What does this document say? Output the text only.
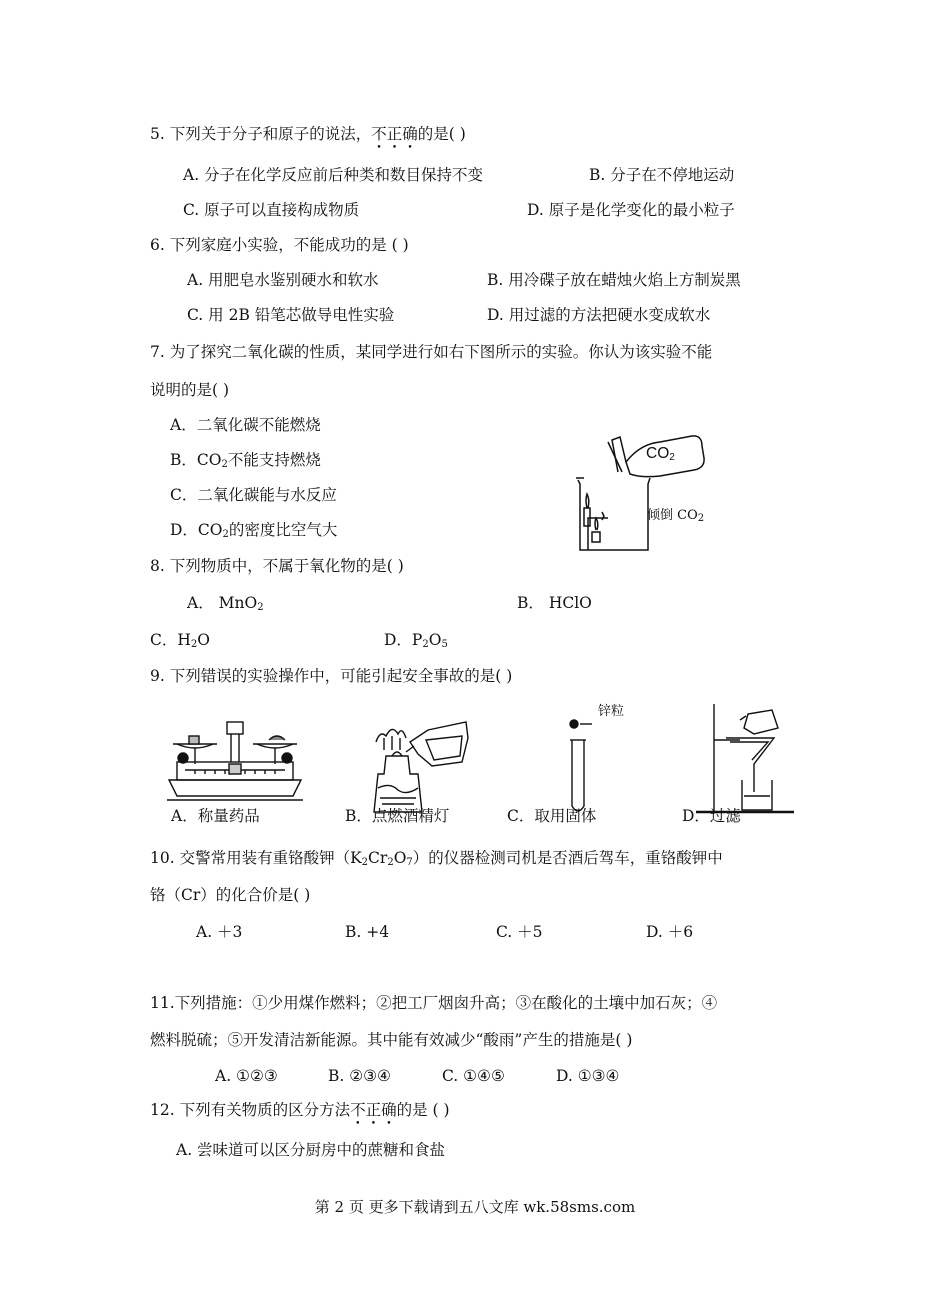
5. 下列关于分子和原子的说法，不正确的是( )
A. 分子在化学反应前后种类和数目保持不变	B. 分子在不停地运动
C. 原子可以直接构成物质	D. 原子是化学变化的最小粒子
6. 下列家庭小实验，不能成功的是 ( )
A. 用肥皂水鉴别硬水和软水	B. 用冷碟子放在蜡烛火焰上方制炭黑
C. 用 2B 铅笔芯做导电性实验	D. 用过滤的方法把硬水变成软水
7. 为了探究二氧化碳的性质，某同学进行如右下图所示的实验。你认为该实验不能
说明的是( )
A．二氧化碳不能燃烧
B．$CO_2$不能支持燃烧
C．二氧化碳能与水反应
D．$CO_2$的密度比空气大
$CO_2$
倾倒 $CO_2$
8. 下列物质中，不属于氧化物的是( )
A． MnO$_2$	B． HClO
C．$H_2O$	D．$P_2O_5$
9. 下列错误的实验操作中，可能引起安全事故的是( )
锌粒
A．称量药品	B．点燃酒精灯	C．取用固体	D．过滤
10. 交警常用装有重铬酸钾$(K_2Cr_2O_7)$的仪器检测司机是否酒后驾车，重铬酸钾中
铬（Cr）的化合价是( )
A. ＋3	B. +4	C. ＋5	D. ＋6
11.下列措施：①少用煤作燃料；②把工厂烟囱升高；③在酸化的土壤中加石灰；④
燃料脱硫；⑤开发清洁新能源。其中能有效减少“酸雨”产生的措施是( )
A. ①②③	B. ②③④	C. ①④⑤	D. ①③④
12. 下列有关物质的区分方法不正确的是 ( )
A. 尝味道可以区分厨房中的蔗糖和食盐
第 2 页 更多下载请到五八文库 wk.58sms.com
